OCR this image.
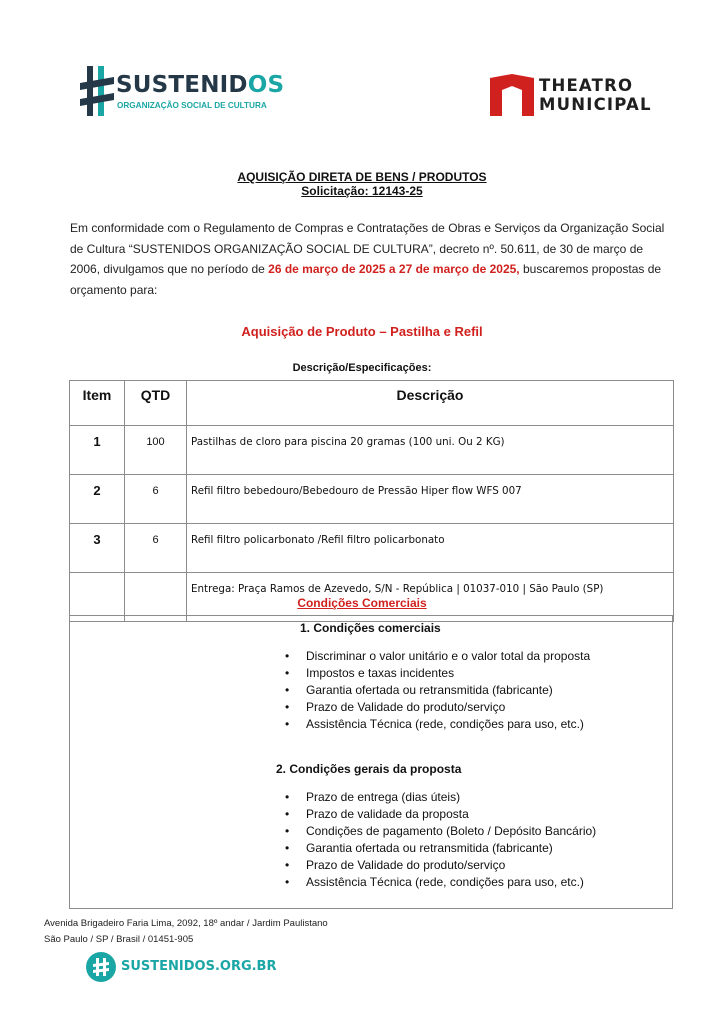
SUSTENIDOS
ORGANIZAÇÃO SOCIAL DE CULTURA
THEATRO
MUNICIPAL
AQUISIÇÃO DIRETA DE BENS / PRODUTOS
Solicitação: 12143-25
Em conformidade com o Regulamento de Compras e Contratações de Obras e Serviços da Organização Social de Cultura “SUSTENIDOS ORGANIZAÇÃO SOCIAL DE CULTURA”, decreto nº. 50.611, de 30 de março de 2006, divulgamos que no período de 26 de março de 2025 a 27 de março de 2025, buscaremos propostas de orçamento para:
Aquisição de Produto – Pastilha e Refil
Descrição/Especificações:
Item	QTD	Descrição
1	100	Pastilhas de cloro para piscina 20 gramas (100 uni. Ou 2 KG)
2	6	Refil filtro bebedouro/Bebedouro de Pressão Hiper flow WFS 007
3	6	Refil filtro policarbonato /Refil filtro policarbonato
		Entrega: Praça Ramos de Azevedo, S/N - República | 01037-010 | São Paulo (SP)
Condições Comerciais
1. Condições comerciais
• Discriminar o valor unitário e o valor total da proposta
• Impostos e taxas incidentes
• Garantia ofertada ou retransmitida (fabricante)
• Prazo de Validade do produto/serviço
• Assistência Técnica (rede, condições para uso, etc.)
2. Condições gerais da proposta
• Prazo de entrega (dias úteis)
• Prazo de validade da proposta
• Condições de pagamento (Boleto / Depósito Bancário)
• Garantia ofertada ou retransmitida (fabricante)
• Prazo de Validade do produto/serviço
• Assistência Técnica (rede, condições para uso, etc.)
Avenida Brigadeiro Faria Lima, 2092, 18º andar / Jardim Paulistano
São Paulo / SP / Brasil / 01451-905
SUSTENIDOS.ORG.BR
